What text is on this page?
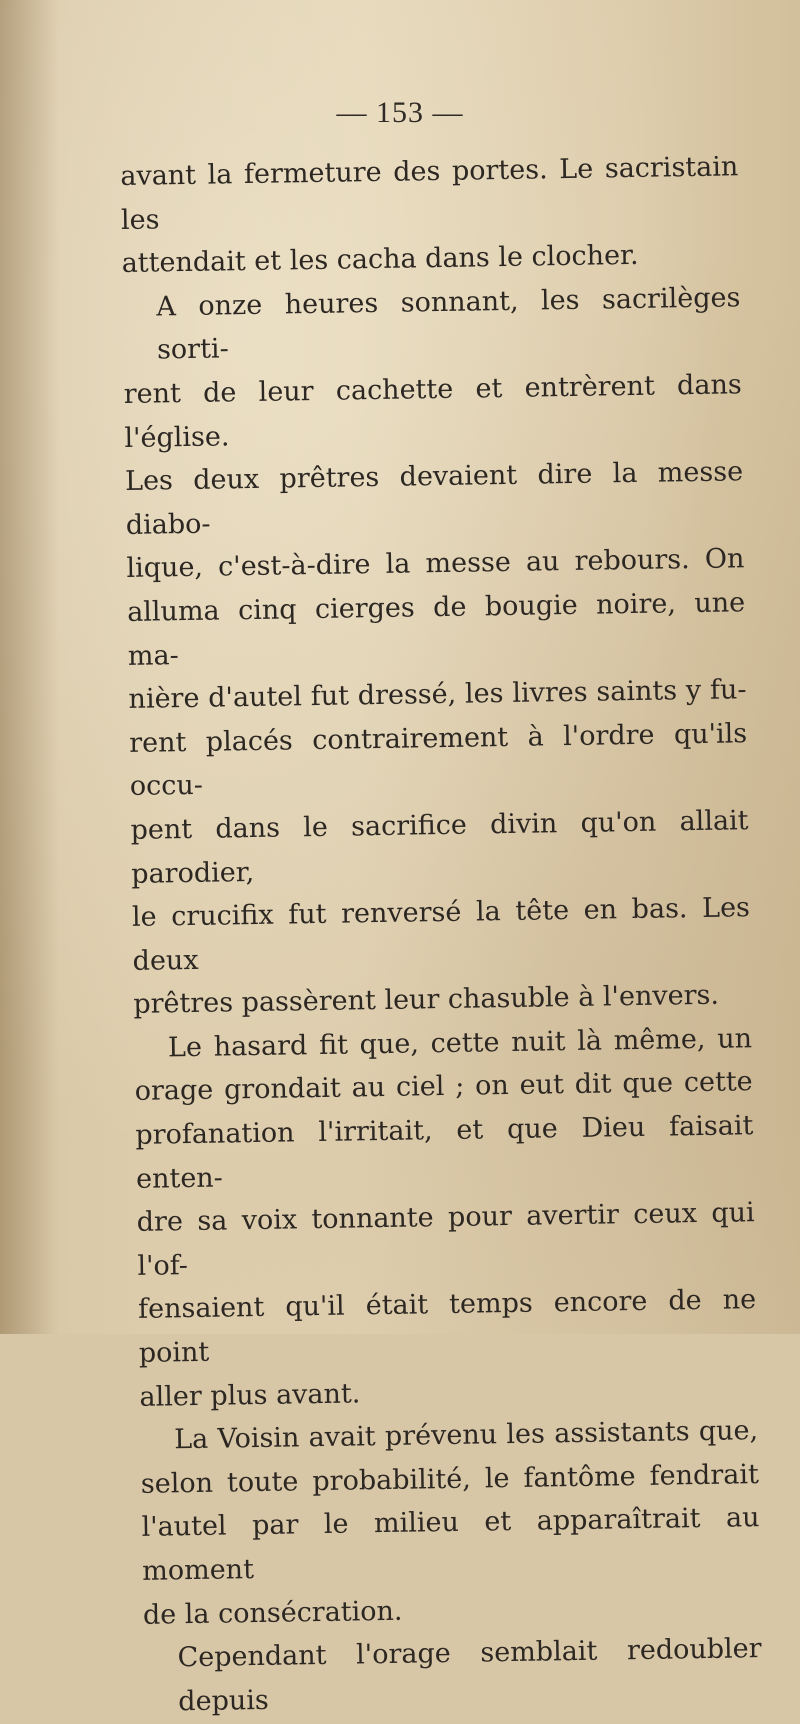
— 153 —
avant la fermeture des portes. Le sacristain les
attendait et les cacha dans le clocher.
A onze heures sonnant, les sacrilèges sorti-
rent de leur cachette et entrèrent dans l'église.
Les deux prêtres devaient dire la messe diabo-
lique, c'est-à-dire la messe au rebours. On
alluma cinq cierges de bougie noire, une ma-
nière d'autel fut dressé, les livres saints y fu-
rent placés contrairement à l'ordre qu'ils occu-
pent dans le sacrifice divin qu'on allait parodier,
le crucifix fut renversé la tête en bas. Les deux
prêtres passèrent leur chasuble à l'envers.
Le hasard fit que, cette nuit là même, un
orage grondait au ciel ; on eut dit que cette
profanation l'irritait, et que Dieu faisait enten-
dre sa voix tonnante pour avertir ceux qui l'of-
fensaient qu'il était temps encore de ne point
aller plus avant.
La Voisin avait prévenu les assistants que,
selon toute probabilité, le fantôme fendrait
l'autel par le milieu et apparaîtrait au moment
de la consécration.
Cependant l'orage semblait redoubler depuis
